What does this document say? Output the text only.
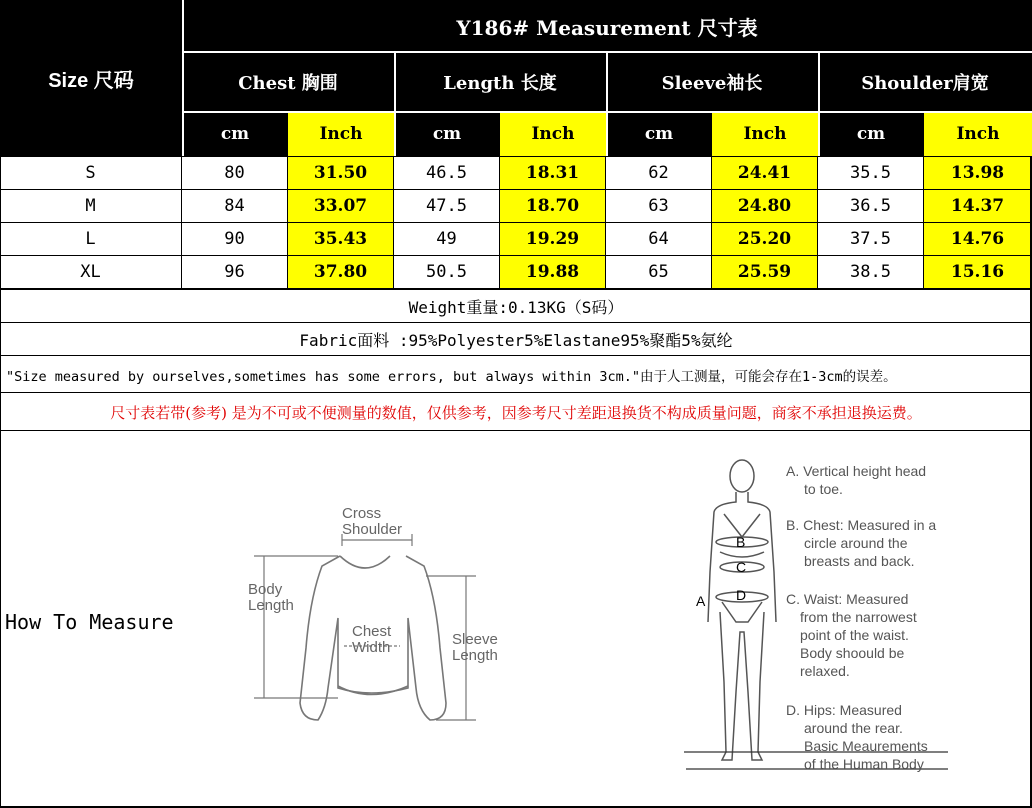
Size 尺码
Y186# Measurement 尺寸表
Chest 胸围	Length 长度	Sleeve袖长	Shoulder肩宽
cm	Inch	cm	Inch	cm	Inch	cm	Inch
S	80	31.50	46.5	18.31	62	24.41	35.5	13.98
M	84	33.07	47.5	18.70	63	24.80	36.5	14.37
L	90	35.43	49	19.29	64	25.20	37.5	14.76
XL	96	37.80	50.5	19.88	65	25.59	38.5	15.16
Weight重量:0.13KG（S码）
Fabric面料 :95%Polyester5%Elastane95%聚酯5%氨纶
"Size measured by ourselves,sometimes has some errors, but always within 3cm."由于人工测量，可能会存在1-3cm的误差。
尺寸表若带(参考) 是为不可或不便测量的数值，仅供参考，因参考尺寸差距退换货不构成质量问题，商家不承担退换运费。
How To Measure
Cross
Shoulder
Body
Length
Chest
Width	Sleeve
Length
B
C
D
A
A. Vertical height head
to toe.
B. Chest: Measured in a
circle around the
breasts and back.
C. Waist: Measured
from the narrowest
point of the waist.
Body shoould be
relaxed.
D. Hips: Measured
around the rear.
Basic Meaurements
of the Human Body
